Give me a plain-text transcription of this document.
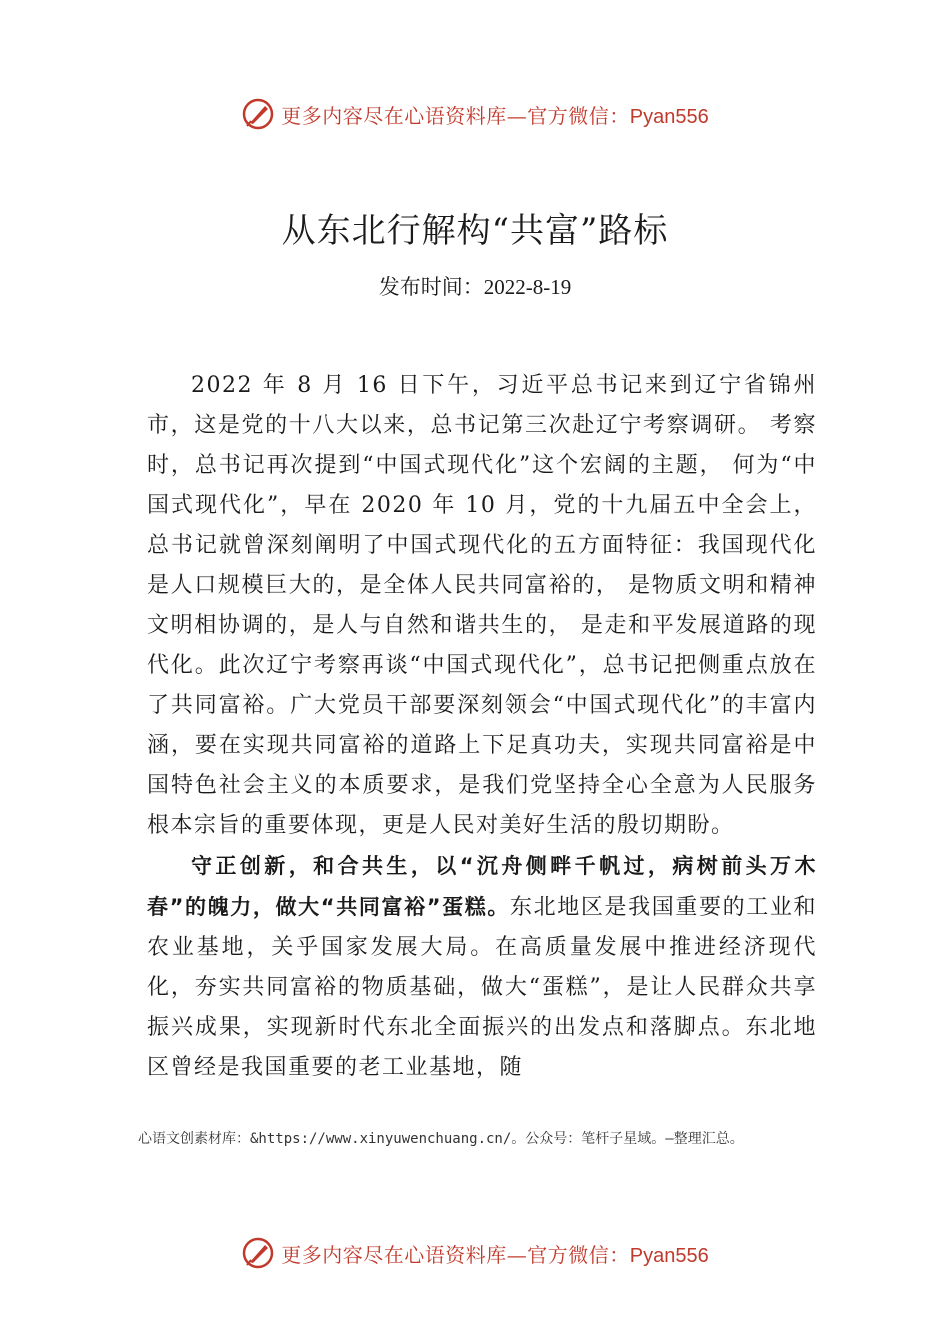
更多内容尽在心语资料库—官方微信：Pyan556
从东北行解构“共富”路标

发布时间：2022-8-19

2022 年 8 月 16 日下午，习近平总书记来到辽宁省锦州市，这是党的十八大以来，总书记第三次赴辽宁考察调研。 考察时，总书记再次提到“中国式现代化”这个宏阔的主题， 何为“中国式现代化”，早在 2020 年 10 月，党的十九届五中全会上，总书记就曾深刻阐明了中国式现代化的五方面特征：我国现代化是人口规模巨大的，是全体人民共同富裕的， 是物质文明和精神文明相协调的，是人与自然和谐共生的， 是走和平发展道路的现代化。此次辽宁考察再谈“中国式现代化”，总书记把侧重点放在了共同富裕。广大党员干部要深刻领会“中国式现代化”的丰富内涵，要在实现共同富裕的道路上下足真功夫，实现共同富裕是中国特色社会主义的本质要求，是我们党坚持全心全意为人民服务根本宗旨的重要体现，更是人民对美好生活的殷切期盼。

守正创新，和合共生，以“沉舟侧畔千帆过，病树前头万木春”的魄力，做大“共同富裕”蛋糕。东北地区是我国重要的工业和农业基地，关乎国家发展大局。在高质量发展中推进经济现代化，夯实共同富裕的物质基础，做大“蛋糕”，是让人民群众共享振兴成果，实现新时代东北全面振兴的出发点和落脚点。东北地区曾经是我国重要的老工业基地，随

心语文创素材库：&https://www.xinyuwenchuang.cn/。公众号：笔杆子星域。—整理汇总。

更多内容尽在心语资料库—官方微信：Pyan556
